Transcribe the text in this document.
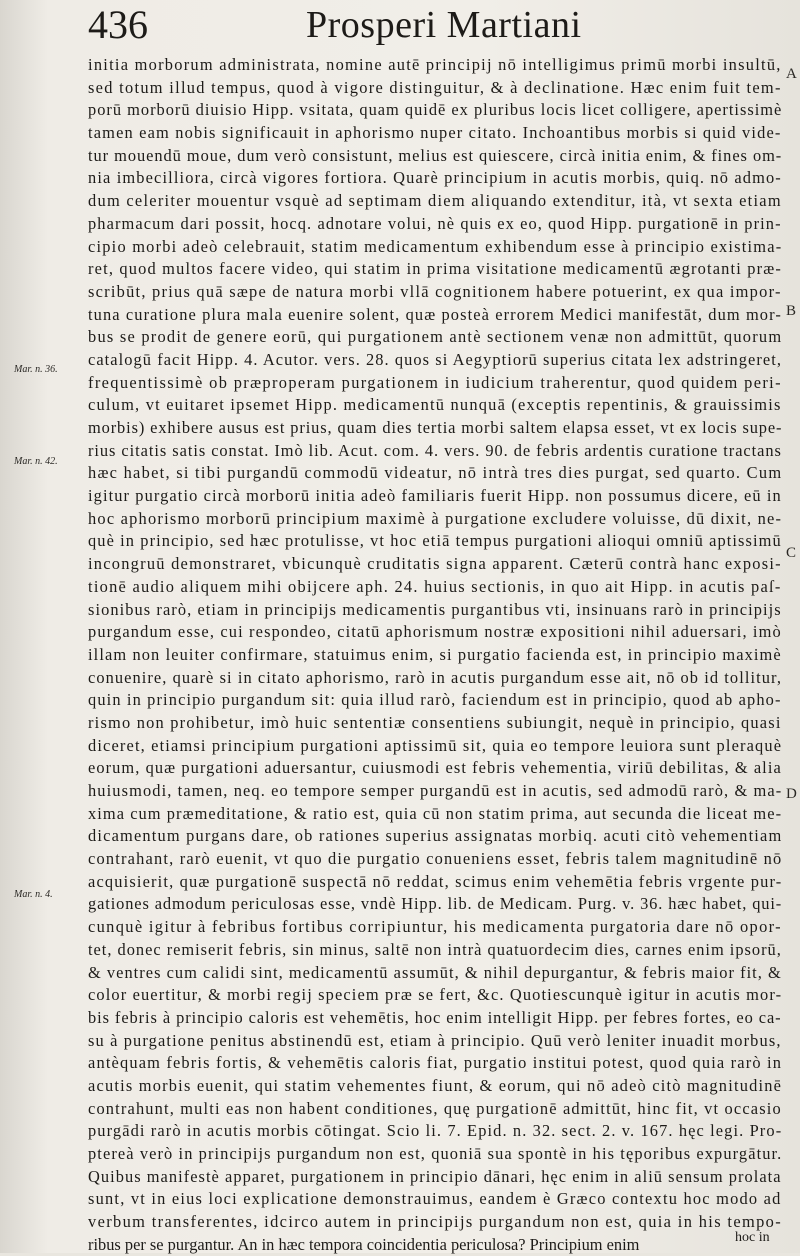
436	Prosperi Martiani
initia morborum administrata, nomine autē principij nō intelligimus primū morbi insultū,
sed totum illud tempus, quod à vigore distinguitur, & à declinatione. Hæc enim fuit tem-
porū morborū diuisio Hipp. vsitata, quam quidē ex pluribus locis licet colligere, apertissimè
tamen eam nobis significauit in aphorismo nuper citato. Inchoantibus morbis si quid vide-
tur mouendū moue, dum verò consistunt, melius est quiescere, circà initia enim, & fines om-
nia imbecilliora, circà vigores fortiora. Quarè principium in acutis morbis, quiq. nō admo-
dum celeriter mouentur vsquè ad septimam diem aliquando extenditur, ità, vt sexta etiam
pharmacum dari possit, hocq. adnotare volui, nè quis ex eo, quod Hipp. purgationē in prin-
cipio morbi adeò celebrauit, statim medicamentum exhibendum esse à principio existima-
ret, quod multos facere video, qui statim in prima visitatione medicamentū ægrotanti præ-
scribūt, prius quā sæpe de natura morbi vllā cognitionem habere potuerint, ex qua impor-
tuna curatione plura mala euenire solent, quæ posteà errorem Medici manifestāt, dum mor-
bus se prodit de genere eorū, qui purgationem antè sectionem venæ non admittūt, quorum
catalogū facit Hipp. 4. Acutor. vers. 28. quos si Aegyptiorū superius citata lex adstringeret,
frequentissimè ob præproperam purgationem in iudicium traherentur, quod quidem peri-
culum, vt euitaret ipsemet Hipp. medicamentū nunquā (exceptis repentinis, & grauissimis
morbis) exhibere ausus est prius, quam dies tertia morbi saltem elapsa esset, vt ex locis supe-
rius citatis satis constat. Imò lib. Acut. com. 4. vers. 90. de febris ardentis curatione tractans
hæc habet, si tibi purgandū commodū videatur, nō intrà tres dies purgat, sed quarto. Cum
igitur purgatio circà morborū initia adeò familiaris fuerit Hipp. non possumus dicere, eū in
hoc aphorismo morborū principium maximè à purgatione excludere voluisse, dū dixit, ne-
què in principio, sed hæc protulisse, vt hoc etiā tempus purgationi alioqui omniū aptissimū
incongruū demonstraret, vbicunquè cruditatis signa apparent. Cæterū contrà hanc exposi-
tionē audio aliquem mihi obijcere aph. 24. huius sectionis, in quo ait Hipp. in acutis paſ-
sionibus rarò, etiam in principijs medicamentis purgantibus vti, insinuans rarò in principijs
purgandum esse, cui respondeo, citatū aphorismum nostræ expositioni nihil aduersari, imò
illam non leuiter confirmare, statuimus enim, si purgatio facienda est, in principio maximè
conuenire, quarè si in citato aphorismo, rarò in acutis purgandum esse ait, nō ob id tollitur,
quin in principio purgandum sit: quia illud rarò, faciendum est in principio, quod ab apho-
rismo non prohibetur, imò huic sententiæ consentiens subiungit, nequè in principio, quasi
diceret, etiamsi principium purgationi aptissimū sit, quia eo tempore leuiora sunt pleraquè
eorum, quæ purgationi aduersantur, cuiusmodi est febris vehementia, viriū debilitas, & alia
huiusmodi, tamen, neq. eo tempore semper purgandū est in acutis, sed admodū rarò, & ma-
xima cum præmeditatione, & ratio est, quia cū non statim prima, aut secunda die liceat me-
dicamentum purgans dare, ob rationes superius assignatas morbiq. acuti citò vehementiam
contrahant, rarò euenit, vt quo die purgatio conueniens esset, febris talem magnitudinē nō
acquisierit, quæ purgationē suspectā nō reddat, scimus enim vehemētia febris vrgente pur-
gationes admodum periculosas esse, vndè Hipp. lib. de Medicam. Purg. v. 36. hæc habet, qui-
cunquè igitur à febribus fortibus corripiuntur, his medicamenta purgatoria dare nō opor-
tet, donec remiserit febris, sin minus, saltē non intrà quatuordecim dies, carnes enim ipsorū,
& ventres cum calidi sint, medicamentū assumūt, & nihil depurgantur, & febris maior fit, &
color euertitur, & morbi regij speciem præ se fert, &c. Quotiescunquè igitur in acutis mor-
bis febris à principio caloris est vehemētis, hoc enim intelligit Hipp. per febres fortes, eo ca-
su à purgatione penitus abstinendū est, etiam à principio. Quū verò leniter inuadit morbus,
antèquam febris fortis, & vehemētis caloris fiat, purgatio institui potest, quod quia rarò in
acutis morbis euenit, qui statim vehementes fiunt, & eorum, qui nō adeò citò magnitudinē
contrahunt, multi eas non habent conditiones, quę purgationē admittūt, hinc fit, vt occasio
purgādi rarò in acutis morbis cōtingat. Scio li. 7. Epid. n. 32. sect. 2. v. 167. hęc legi. Pro-
ptereà verò in principijs purgandum non est, quoniā sua spontè in his tęporibus expurgātur.
Quibus manifestè apparet, purgationem in principio dānari, hęc enim in aliū sensum prolata
sunt, vt in eius loci explicatione demonstrauimus, eandem è Græco contextu hoc modo ad
verbum transferentes, idcirco autem in principijs purgandum non est, quia in his tempo-
ribus per se purgantur. An in hæc tempora coincidentia periculosa? Principium enim
Mar. n. 36.
Mar. n. 42.
Mar. n. 4.
A
B
C
D
hoc in
